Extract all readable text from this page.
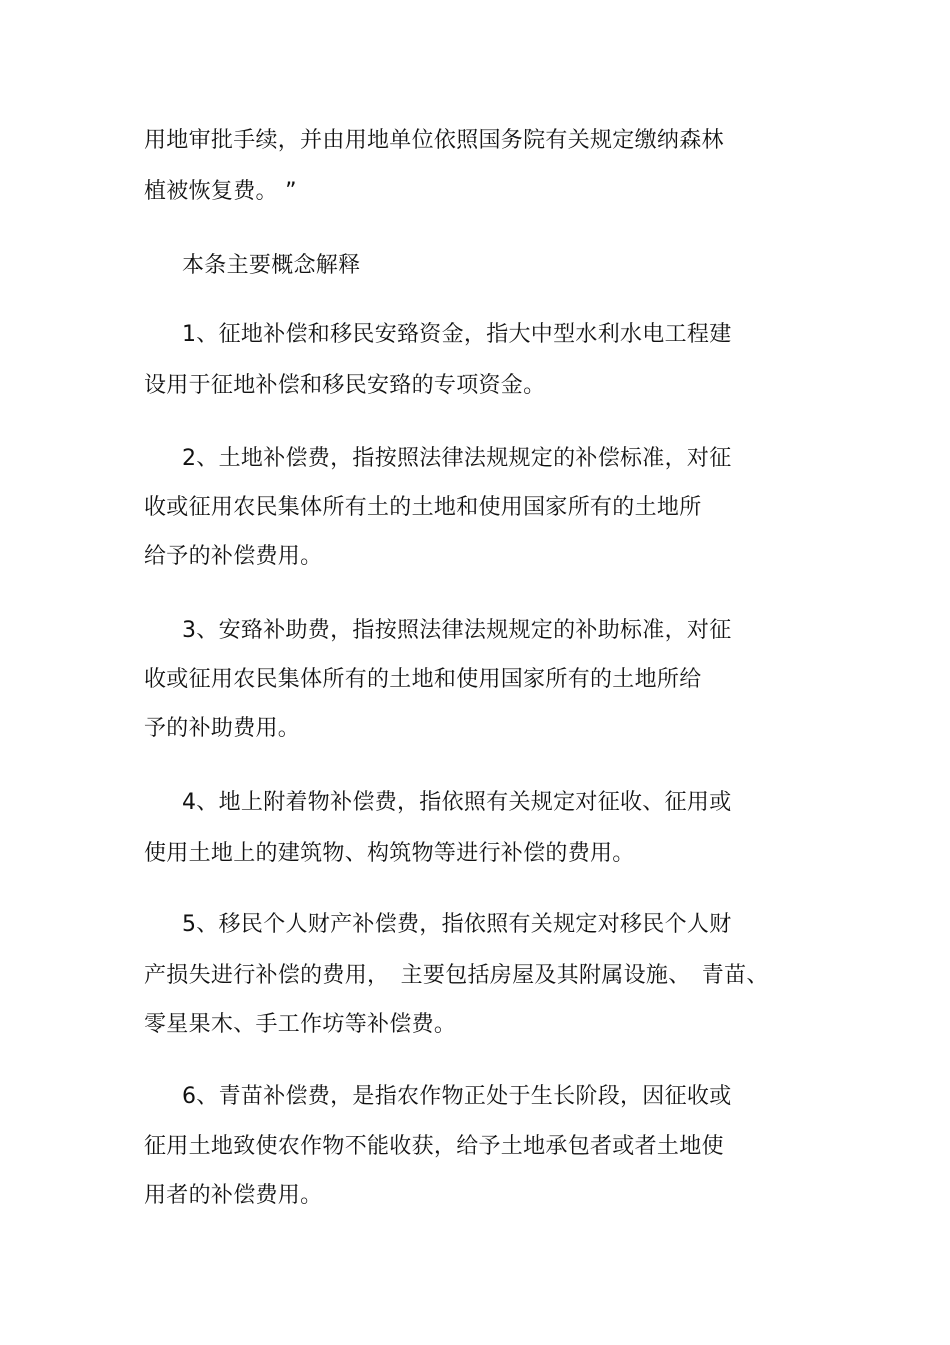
用地审批手续，并由用地单位依照国务院有关规定缴纳森林
植被恢复费。 ”
本条主要概念解释
1、征地补偿和移民安臵资金，指大中型水利水电工程建
设用于征地补偿和移民安臵的专项资金。
2、土地补偿费，指按照法律法规规定的补偿标准，对征
收或征用农民集体所有土的土地和使用国家所有的土地所
给予的补偿费用。
3、安臵补助费，指按照法律法规规定的补助标准，对征
收或征用农民集体所有的土地和使用国家所有的土地所给
予的补助费用。
4、地上附着物补偿费，指依照有关规定对征收、征用或
使用土地上的建筑物、构筑物等进行补偿的费用。
5、移民个人财产补偿费，指依照有关规定对移民个人财
产损失进行补偿的费用，　主要包括房屋及其附属设施、　青苗、
零星果木、手工作坊等补偿费。
6、青苗补偿费，是指农作物正处于生长阶段，因征收或
征用土地致使农作物不能收获，给予土地承包者或者土地使
用者的补偿费用。
